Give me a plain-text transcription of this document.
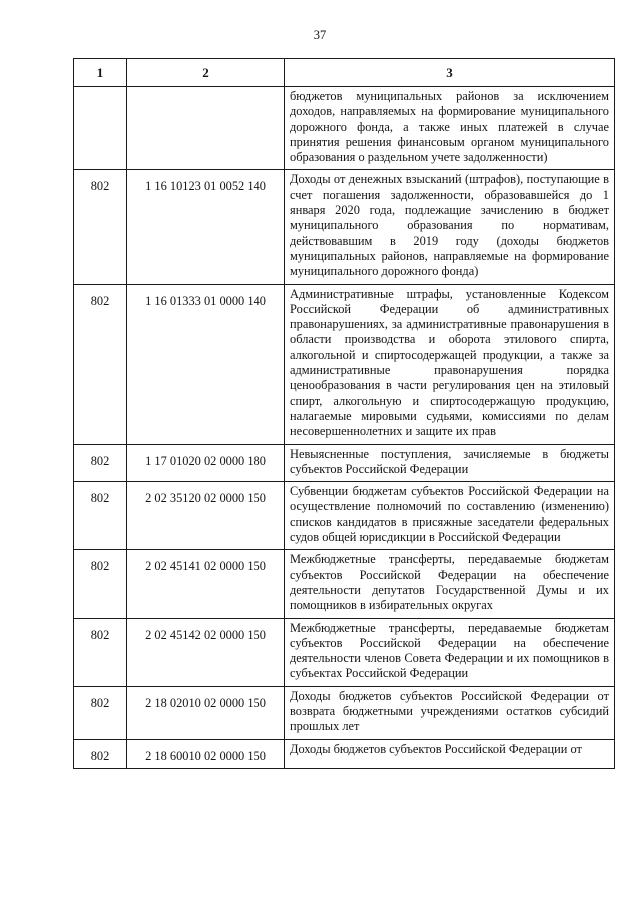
37
1	2	3
		бюджетов муниципальных районов за исключением доходов, направляемых на формирование муниципального дорожного фонда, а также иных платежей в случае принятия решения финансовым органом муниципального образования о раздельном учете задолженности)
802	1 16 10123 01 0052 140	Доходы от денежных взысканий (штрафов), поступающие в счет погашения задолженности, образовавшейся до 1 января 2020 года, подлежащие зачислению в бюджет муниципального образования по нормативам, действовавшим в 2019 году (доходы бюджетов муниципальных районов, направляемые на формирование муниципального дорожного фонда)
802	1 16 01333 01 0000 140	Административные штрафы, установленные Кодексом Российской Федерации об административных правонарушениях, за административные правонарушения в области производства и оборота этилового спирта, алкогольной и спиртосодержащей продукции, а также за административные правонарушения порядка ценообразования в части регулирования цен на этиловый спирт, алкогольную и спиртосодержащую продукцию, налагаемые мировыми судьями, комиссиями по делам несовершеннолетних и защите их прав
802	1 17 01020 02 0000 180	Невыясненные поступления, зачисляемые в бюджеты субъектов Российской Федерации
802	2 02 35120 02 0000 150	Субвенции бюджетам субъектов Российской Федерации на осуществление полномочий по составлению (изменению) списков кандидатов в присяжные заседатели федеральных судов общей юрисдикции в Российской Федерации
802	2 02 45141 02 0000 150	Межбюджетные трансферты, передаваемые бюджетам субъектов Российской Федерации на обеспечение деятельности депутатов Государственной Думы и их помощников в избирательных округах
802	2 02 45142 02 0000 150	Межбюджетные трансферты, передаваемые бюджетам субъектов Российской Федерации на обеспечение деятельности членов Совета Федерации и их помощников в субъектах Российской Федерации
802	2 18 02010 02 0000 150	Доходы бюджетов субъектов Российской Федерации от возврата бюджетными учреждениями остатков субсидий прошлых лет
802	2 18 60010 02 0000 150	Доходы бюджетов субъектов Российской Федерации от
